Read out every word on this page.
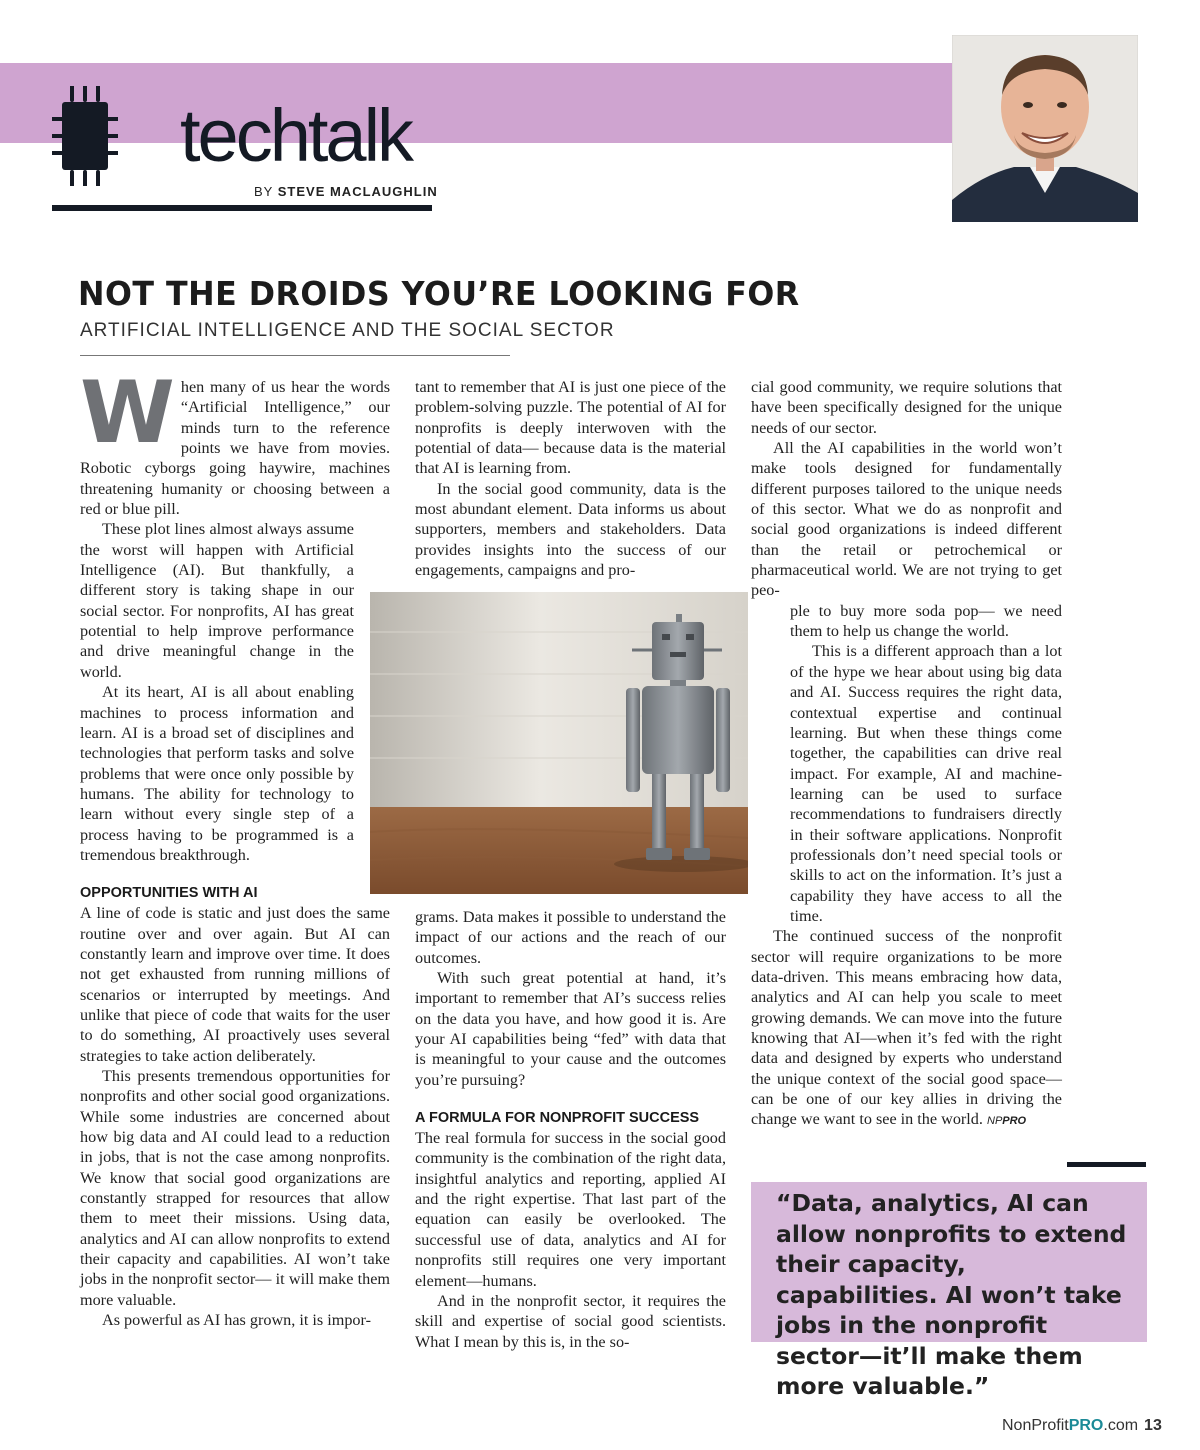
techtalk
BY STEVE MACLAUGHLIN
NOT THE DROIDS YOU’RE LOOKING FOR
ARTIFICIAL INTELLIGENCE AND THE SOCIAL SECTOR

When many of us hear the words “Artificial Intelligence,” our minds turn to the reference points we have from movies. Robotic cyborgs going haywire, machines threatening humanity or choosing between a red or blue pill.

These plot lines almost always assume the worst will happen with Artificial Intelligence (AI). But thankfully, a different story is taking shape in our social sector. For nonprofits, AI has great potential to help improve performance and drive meaningful change in the world.

At its heart, AI is all about enabling machines to process information and learn. AI is a broad set of disciplines and technologies that perform tasks and solve problems that were once only possible by humans. The ability for technology to learn without every single step of a process having to be programmed is a tremendous breakthrough.

OPPORTUNITIES WITH AI

A line of code is static and just does the same routine over and over again. But AI can constantly learn and improve over time. It does not get exhausted from running millions of scenarios or interrupted by meetings. And unlike that piece of code that waits for the user to do something, AI proactively uses several strategies to take action deliberately.

This presents tremendous opportunities for nonprofits and other social good organizations. While some industries are concerned about how big data and AI could lead to a reduction in jobs, that is not the case among nonprofits. We know that social good organizations are constantly strapped for resources that allow them to meet their missions. Using data, analytics and AI can allow nonprofits to extend their capacity and capabilities. AI won’t take jobs in the nonprofit sector— it will make them more valuable.

As powerful as AI has grown, it is impor-

tant to remember that AI is just one piece of the problem-solving puzzle. The potential of AI for nonprofits is deeply interwoven with the potential of data— because data is the material that AI is learning from.

In the social good community, data is the most abundant element. Data informs us about supporters, members and stakeholders. Data provides insights into the success of our engagements, campaigns and pro-

grams. Data makes it possible to understand the impact of our actions and the reach of our outcomes.

With such great potential at hand, it’s important to remember that AI’s success relies on the data you have, and how good it is. Are your AI capabilities being “fed” with data that is meaningful to your cause and the outcomes you’re pursuing?

A FORMULA FOR NONPROFIT SUCCESS

The real formula for success in the social good community is the combination of the right data, insightful analytics and reporting, applied AI and the right expertise. That last part of the equation can easily be overlooked. The successful use of data, analytics and AI for nonprofits still requires one very important element—humans.

And in the nonprofit sector, it requires the skill and expertise of social good scientists. What I mean by this is, in the so-

cial good community, we require solutions that have been specifically designed for the unique needs of our sector.

All the AI capabilities in the world won’t make tools designed for fundamentally different purposes tailored to the unique needs of this sector. What we do as nonprofit and social good organizations is indeed different than the retail or petrochemical or pharmaceutical world. We are not trying to get peo-

ple to buy more soda pop— we need them to help us change the world.

This is a different approach than a lot of the hype we hear about using big data and AI. Success requires the right data, contextual expertise and continual learning. But when these things come together, the capabilities can drive real impact. For example, AI and machine-learning can be used to surface recommendations to fundraisers directly in their software applications. Nonprofit professionals don’t need special tools or skills to act on the information. It’s just a capability they have access to all the time.

The continued success of the nonprofit sector will require organizations to be more data-driven. This means embracing how data, analytics and AI can help you scale to meet growing demands. We can move into the future knowing that AI—when it’s fed with the right data and designed by experts who understand the unique context of the social good space—can be one of our key allies in driving the change we want to see in the world. NPPRO

“Data, analytics, AI can allow nonprofits to extend their capacity, capabilities. AI won’t take jobs in the nonprofit sector—it’ll make them more valuable.”
NonProfitPRO.com 13
